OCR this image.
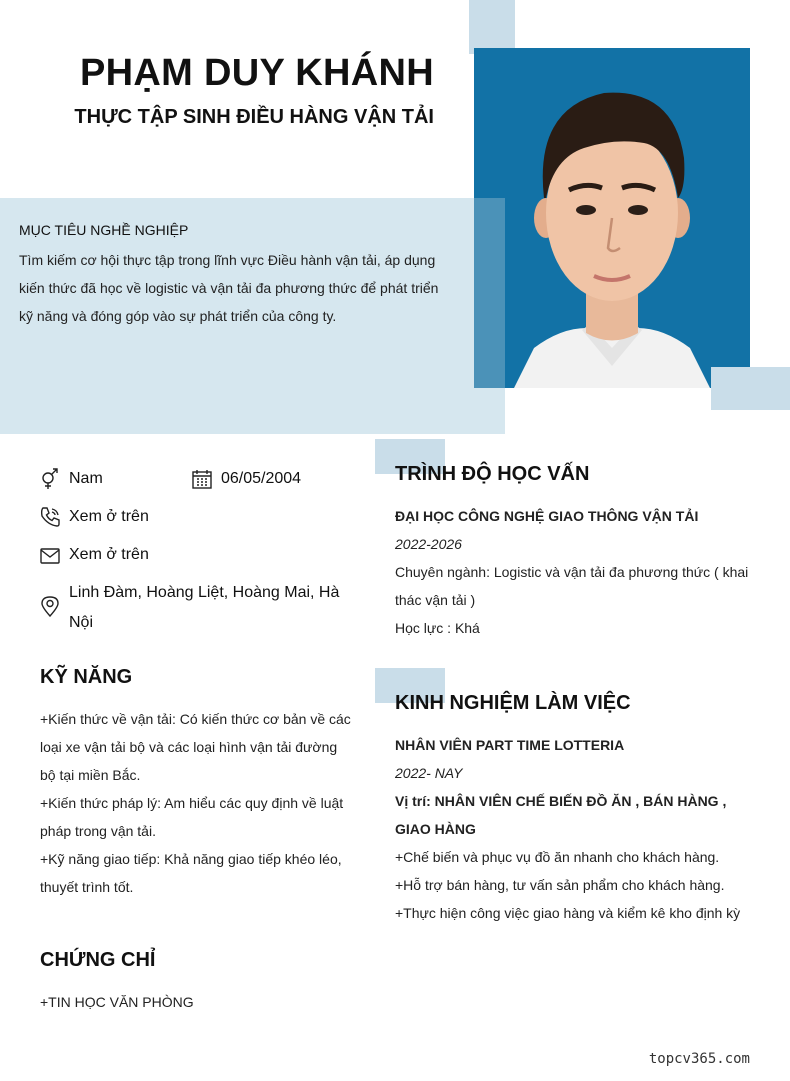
PHẠM DUY KHÁNH
THỰC TẬP SINH ĐIỀU HÀNG VẬN TẢI
MỤC TIÊU NGHỀ NGHIỆP
Tìm kiếm cơ hội thực tập trong lĩnh vực Điều hành vận tải, áp dụng kiến thức đã học về logistic và vận tải đa phương thức để phát triển kỹ năng và đóng góp vào sự phát triển của công ty.
Nam	06/05/2004
Xem ở trên
Xem ở trên
Linh Đàm, Hoàng Liệt, Hoàng Mai, Hà Nội
KỸ NĂNG
+Kiến thức về vận tải: Có kiến thức cơ bản về các loại xe vận tải bộ và các loại hình vận tải đường bộ tại miền Bắc.
+Kiến thức pháp lý: Am hiểu các quy định về luật pháp trong vận tải.
+Kỹ năng giao tiếp: Khả năng giao tiếp khéo léo, thuyết trình tốt.
CHỨNG CHỈ
+TIN HỌC VĂN PHÒNG
TRÌNH ĐỘ HỌC VẤN
ĐẠI HỌC CÔNG NGHỆ GIAO THÔNG VẬN TẢI
2022-2026
Chuyên ngành: Logistic và vận tải đa phương thức ( khai thác vận tải )
Học lực : Khá
KINH NGHIỆM LÀM VIỆC
NHÂN VIÊN PART TIME LOTTERIA
2022- NAY
Vị trí: NHÂN VIÊN CHẾ BIẾN ĐỒ ĂN , BÁN HÀNG , GIAO HÀNG
+Chế biến và phục vụ đồ ăn nhanh cho khách hàng.
+Hỗ trợ bán hàng, tư vấn sản phẩm cho khách hàng.
+Thực hiện công việc giao hàng và kiểm kê kho định kỳ
topcv365.com
